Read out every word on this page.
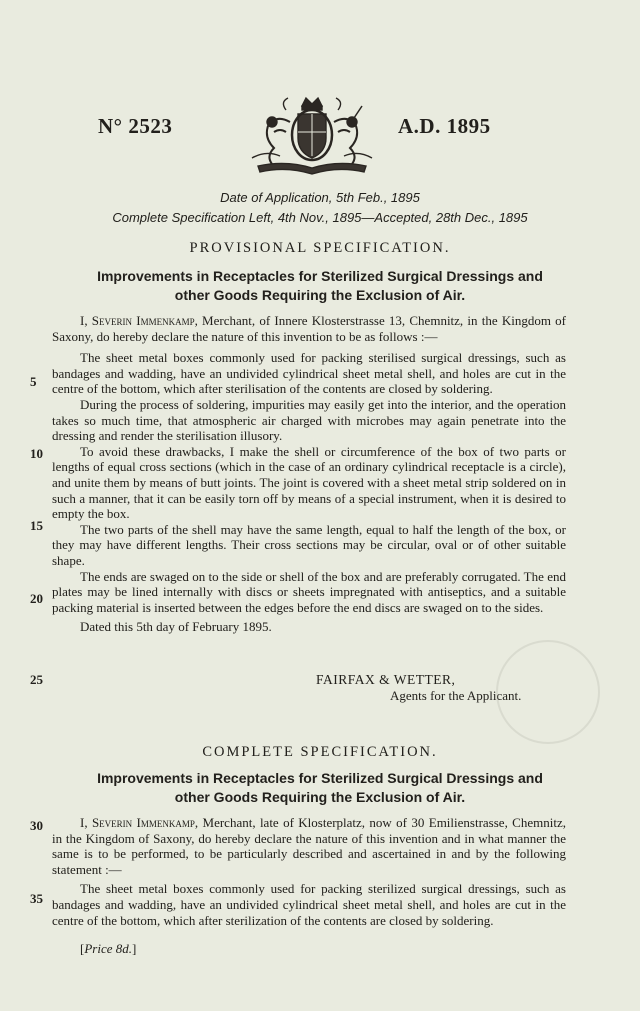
N° 2523	A.D. 1895
Date of Application, 5th Feb., 1895
Complete Specification Left, 4th Nov., 1895—Accepted, 28th Dec., 1895
PROVISIONAL SPECIFICATION.
Improvements in Receptacles for Sterilized Surgical Dressings and
other Goods Requiring the Exclusion of Air.

I, Severin Immenkamp, Merchant, of Innere Klosterstrasse 13, Chemnitz, in the Kingdom of Saxony, do hereby declare the nature of this invention to be as follows :—

The sheet metal boxes commonly used for packing sterilised surgical dressings, such as bandages and wadding, have an undivided cylindrical sheet metal shell, and holes are cut in the centre of the bottom, which after sterilisation of the contents are closed by soldering.

During the process of soldering, impurities may easily get into the interior, and the operation takes so much time, that atmospheric air charged with microbes may again penetrate into the dressing and render the sterilisation illusory.

To avoid these drawbacks, I make the shell or circumference of the box of two parts or lengths of equal cross sections (which in the case of an ordinary cylindrical receptacle is a circle), and unite them by means of butt joints. The joint is covered with a sheet metal strip soldered on in such a manner, that it can be easily torn off by means of a special instrument, when it is desired to empty the box.

The two parts of the shell may have the same length, equal to half the length of the box, or they may have different lengths. Their cross sections may be circular, oval or of other suitable shape.

The ends are swaged on to the side or shell of the box and are preferably corrugated. The end plates may be lined internally with discs or sheets impregnated with antiseptics, and a suitable packing material is inserted between the edges before the end discs are swaged on to the sides.

Dated this 5th day of February 1895.

FAIRFAX & WETTER,
Agents for the Applicant.
COMPLETE SPECIFICATION.
Improvements in Receptacles for Sterilized Surgical Dressings and
other Goods Requiring the Exclusion of Air.

I, Severin Immenkamp, Merchant, late of Klosterplatz, now of 30 Emilienstrasse, Chemnitz, in the Kingdom of Saxony, do hereby declare the nature of this invention and in what manner the same is to be performed, to be particularly described and ascertained in and by the following statement :—

The sheet metal boxes commonly used for packing sterilized surgical dressings, such as bandages and wadding, have an undivided cylindrical sheet metal shell, and holes are cut in the centre of the bottom, which after sterilization of the contents are closed by soldering.

5
10
15
20
25
30
35
[Price 8d.]
